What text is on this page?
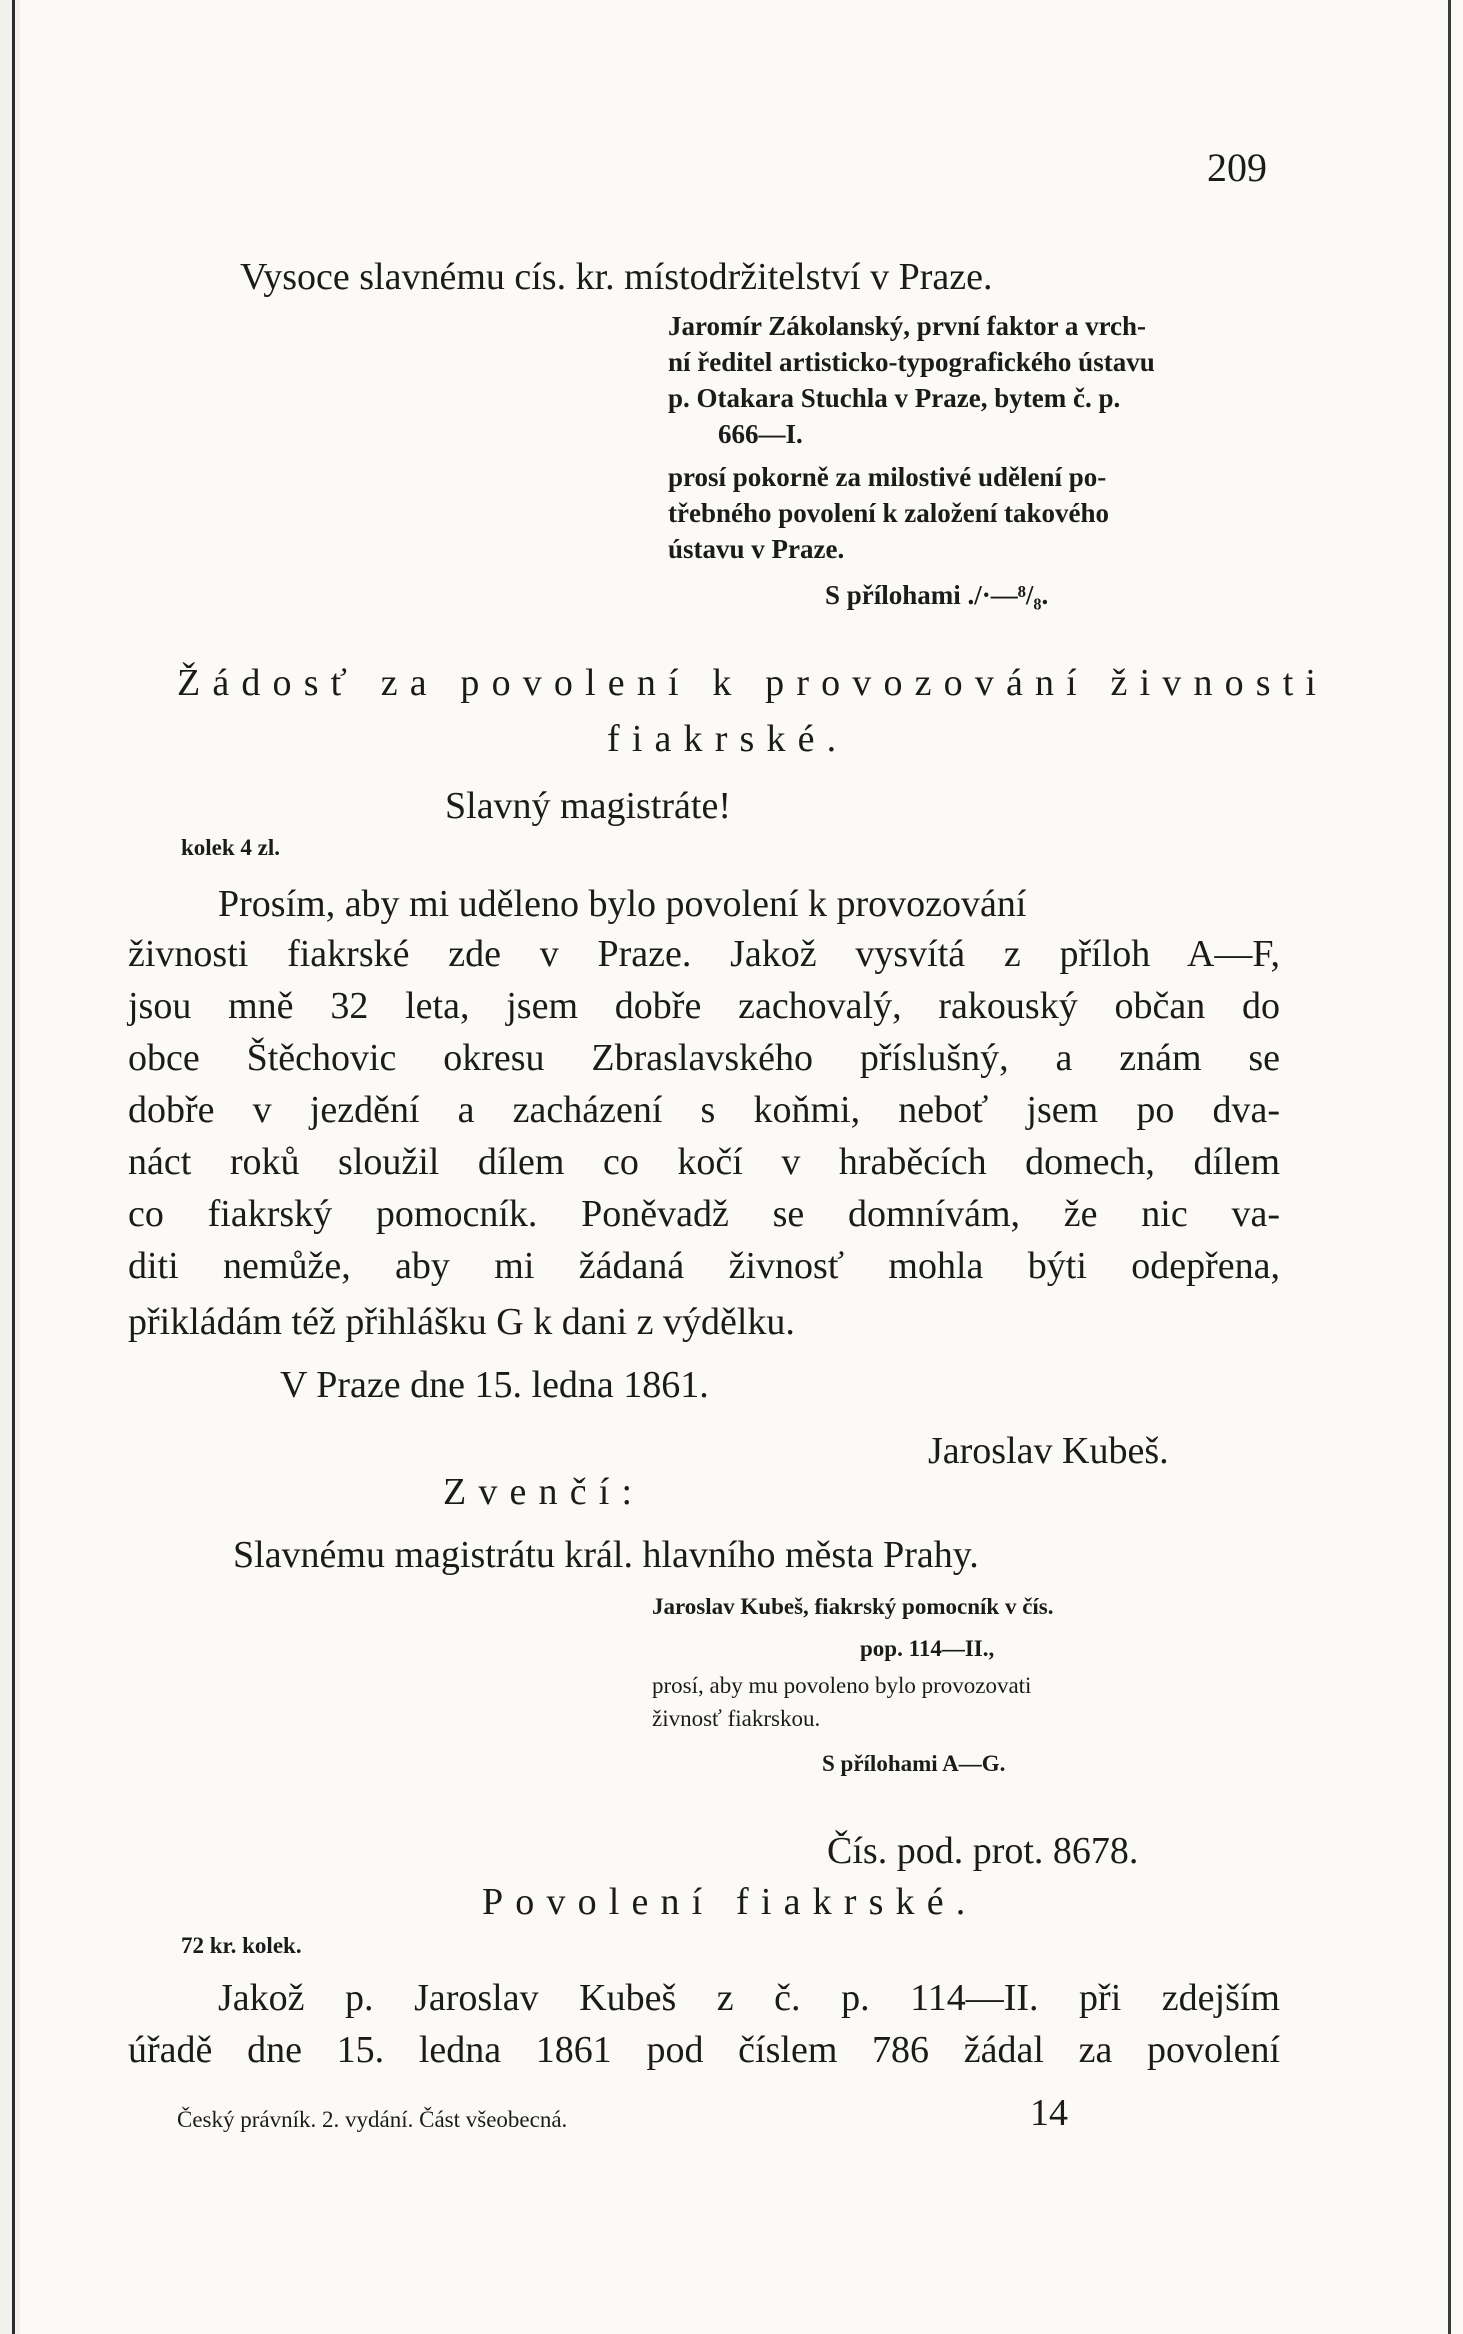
209
Vysoce slavnému cís. kr. místodržitelství v Praze.
Jaromír Zákolanský, první faktor a vrch-
ní ředitel artisticko-typografického ústavu
p. Otakara Stuchla v Praze, bytem č. p.
666—I.
prosí pokorně za milostivé udělení po-
třebného povolení k založení takového
ústavu v Praze.
S přílohami ./·—⁸/₈.
Žádosť za povolení k provozování živnosti
fiakrské.
Slavný magistráte!
kolek 4 zl.
Prosím, aby mi uděleno bylo povolení k provozování
živnosti fiakrské zde v Praze. Jakož vysvítá z příloh A—F,
jsou mně 32 leta, jsem dobře zachovalý, rakouský občan do
obce Štěchovic okresu Zbraslavského příslušný, a znám se
dobře v jezdění a zacházení s koňmi, neboť jsem po dva-
náct roků sloužil dílem co kočí v hraběcích domech, dílem
co fiakrský pomocník. Poněvadž se domnívám, že nic va-
diti nemůže, aby mi žádaná živnosť mohla býti odepřena,
přikládám též přihlášku G k dani z výdělku.
V Praze dne 15. ledna 1861.
Jaroslav Kubeš.
Zvenčí:
Slavnému magistrátu král. hlavního města Prahy.
Jaroslav Kubeš, fiakrský pomocník v čís.
pop. 114—II.,
prosí, aby mu povoleno bylo provozovati
živnosť fiakrskou.
S přílohami A—G.
Čís. pod. prot. 8678.
Povolení fiakrské.
72 kr. kolek.
Jakož p. Jaroslav Kubeš z č. p. 114—II. při zdejším
úřadě dne 15. ledna 1861 pod číslem 786 žádal za povolení
Český právník. 2. vydání. Část všeobecná.	14
